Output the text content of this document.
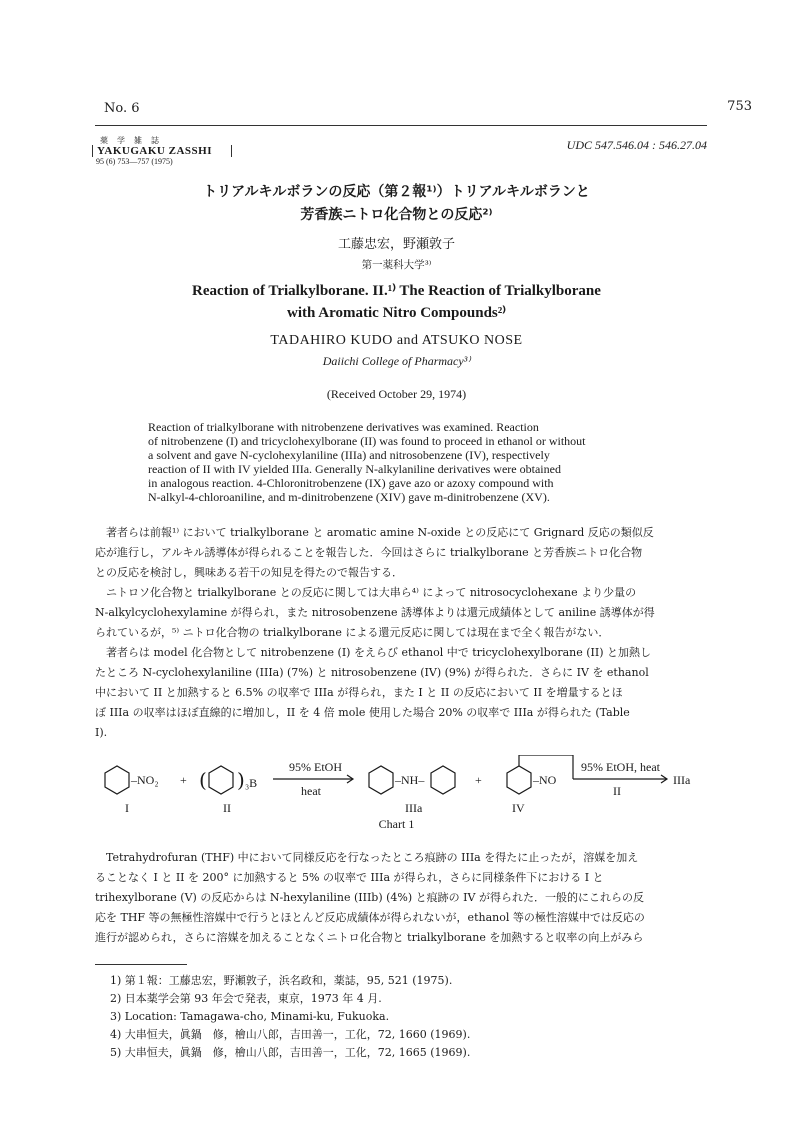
No. 6	753
薬学雑誌
YAKUGAKU ZASSHI
95 (6) 753—757 (1975)
UDC 547.546.04 : 546.27.04
トリアルキルボランの反応（第２報¹⁾）トリアルキルボランと
芳香族ニトロ化合物との反応²⁾
工藤忠宏，野瀬敦子
第一薬科大学³⁾
Reaction of Trialkylborane. II.¹⁾ The Reaction of Trialkylborane
with Aromatic Nitro Compounds²⁾
TADAHIRO KUDO and ATSUKO NOSE
Daiichi College of Pharmacy³⁾
(Received October 29, 1974)
Reaction of trialkylborane with nitrobenzene derivatives was examined. Reaction
of nitrobenzene (I) and tricyclohexylborane (II) was found to proceed in ethanol or without
a solvent and gave N-cyclohexylaniline (IIIa) and nitrosobenzene (IV), respectively
reaction of II with IV yielded IIIa. Generally N-alkylaniline derivatives were obtained
in analogous reaction. 4-Chloronitrobenzene (IX) gave azo or azoxy compound with
N-alkyl-4-chloroaniline, and m-dinitrobenzene (XIV) gave m-dinitrobenzene (XV).
　著者らは前報¹⁾ において trialkylborane と aromatic amine N-oxide との反応にて Grignard 反応の類似反
応が進行し，アルキル誘導体が得られることを報告した．今回はさらに trialkylborane と芳香族ニトロ化合物
との反応を検討し，興味ある若干の知見を得たので報告する．
　ニトロソ化合物と trialkylborane との反応に関しては大串ら⁴⁾ によって nitrosocyclohexane より少量の
N-alkylcyclohexylamine が得られ，また nitrosobenzene 誘導体よりは還元成績体として aniline 誘導体が得
られているが，⁵⁾ ニトロ化合物の trialkylborane による還元反応に関しては現在まで全く報告がない．
　著者らは model 化合物として nitrobenzene (I) をえらび ethanol 中で tricyclohexylborane (II) と加熱し
たところ N-cyclohexylaniline (IIIa) (7%) と nitrosobenzene (IV) (9%) が得られた．さらに IV を ethanol
中において II と加熱すると 6.5% の収率で IIIa が得られ，また I と II の反応において II を増量するとほ
ぼ IIIa の収率はほぼ直線的に増加し，II を 4 倍 mole 使用した場合 20% の収率で IIIa が得られた (Table
I).
–NO₂ + ( ) ₃B
95% EtOH
heat
–NH–	+	–NO
95% EtOH, heat
II
IIIa
I	II	IIIa	IV
Chart 1
　Tetrahydrofuran (THF) 中において同様反応を行なったところ痕跡の IIIa を得たに止ったが，溶媒を加え
ることなく I と II を 200° に加熱すると 5% の収率で IIIa が得られ，さらに同様条件下における I と
trihexylborane (V) の反応からは N-hexylaniline (IIIb) (4%) と痕跡の IV が得られた．一般的にこれらの反
応を THF 等の無極性溶媒中で行うとほとんど反応成績体が得られないが，ethanol 等の極性溶媒中では反応の
進行が認められ，さらに溶媒を加えることなくニトロ化合物と trialkylborane を加熱すると収率の向上がみら
1) 第１報：工藤忠宏，野瀬敦子，浜名政和，薬誌，95, 521 (1975).
2) 日本薬学会第 93 年会で発表，東京，1973 年 4 月.
3) Location: Tamagawa-cho, Minami-ku, Fukuoka.
4) 大串恒夫，眞鍋　修，檜山八郎，吉田善一，工化，72, 1660 (1969).
5) 大串恒夫，眞鍋　修，檜山八郎，吉田善一，工化，72, 1665 (1969).
